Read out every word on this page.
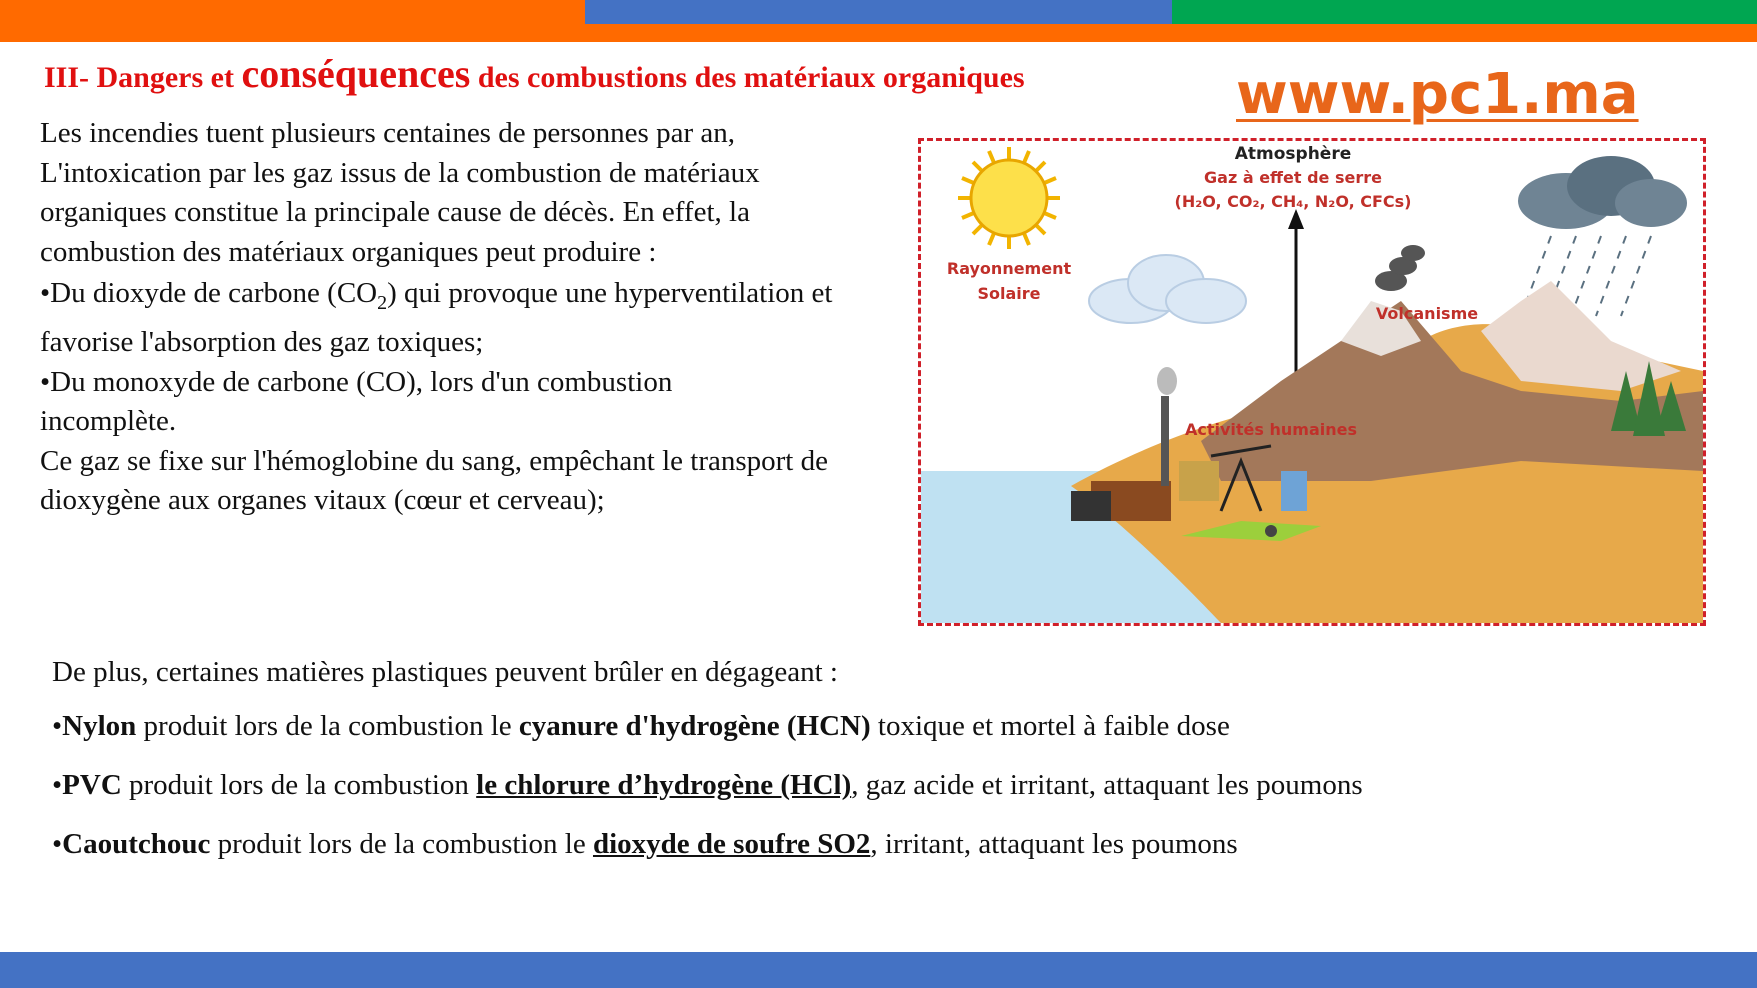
III- Dangers et conséquences des combustions des matériaux organiques	www.pc1.ma

Les incendies tuent plusieurs centaines de personnes par an, L'intoxication par les gaz issus de la combustion de matériaux organiques constitue la principale cause de décès. En effet, la combustion des matériaux organiques peut produire :

•Du dioxyde de carbone $(CO_2)$ qui provoque une hyperventilation et favorise l'absorption des gaz toxiques;

•Du monoxyde de carbone (CO), lors d'un combustion incomplète.

Ce gaz se fixe sur l'hémoglobine du sang, empêchant le transport de dioxygène aux organes vitaux (cœur et cerveau);

Atmosphère
Gaz à effet de serre
(H₂O, CO₂, CH₄, N₂O, CFCs)
Rayonnement
Solaire
Volcanisme
Activités humaines
De plus, certaines matières plastiques peuvent brûler en dégageant :
•Nylon produit lors de la combustion le cyanure d'hydrogène (HCN) toxique et mortel à faible dose
•PVC produit lors de la combustion le chlorure d’hydrogène (HCl), gaz acide et irritant, attaquant les poumons
•Caoutchouc produit lors de la combustion le dioxyde de soufre SO2, irritant, attaquant les poumons
